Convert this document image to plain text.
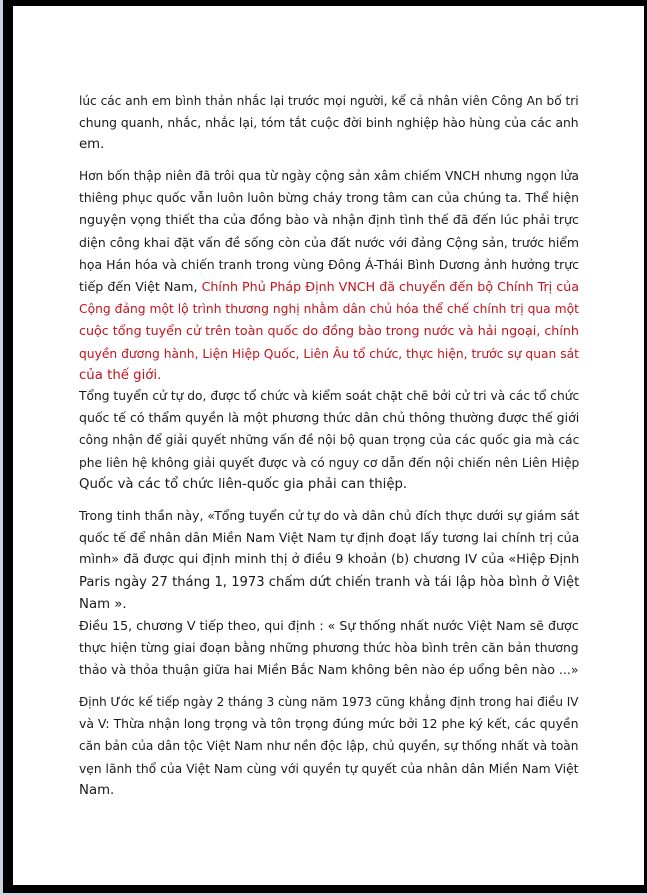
lúc các anh em bình thản nhắc lại trước mọi người, kể cả nhân viên Công An bố tri
chung quanh, nhắc, nhắc lại, tóm tắt cuộc đời binh nghiệp hào hùng của các anh
em.
Hơn bốn thập niên đã trôi qua từ ngày cộng sản xâm chiếm VNCH nhưng ngọn lửa
thiêng phục quốc vẫn luôn luôn bừng cháy trong tâm can của chúng ta. Thể hiện
nguyện vọng thiết tha của đồng bào và nhận định tình thế đã đến lúc phải trực
diện công khai đặt vấn đề sống còn của đất nước với đảng Cộng sản, trước hiểm
họa Hán hóa và chiến tranh trong vùng Đông Á-Thái Bình Dương ảnh hưởng trực
tiếp đến Việt Nam, Chính Phủ Pháp Định VNCH đã chuyển đến bộ Chính Trị của
Cộng đảng một lộ trình thương nghị nhằm dân chủ hóa thể chế chính trị qua một
cuộc tổng tuyển cử trên toàn quốc do đồng bào trong nước và hải ngoại, chính
quyền đương hành, Liện Hiệp Quốc, Liên Âu tổ chức, thực hiện, trước sự quan sát
của thế giới.
Tổng tuyển cử tự do, được tổ chức và kiểm soát chặt chẽ bởi cử tri và các tổ chức
quốc tế có thẩm quyền là một phương thức dân chủ thông thường được thế giới
công nhận để giải quyết những vấn đề nội bộ quan trọng của các quốc gia mà các
phe liên hệ không giải quyết được và có nguy cơ dẫn đến nội chiến nên Liên Hiệp
Quốc và các tổ chức liên-quốc gia phải can thiệp.
Trong tinh thần này, «Tổng tuyển cử tự do và dân chủ đích thực dưới sự giám sát
quốc tế để nhân dân Miền Nam Việt Nam tự định đoạt lấy tương lai chính trị của
mình» đã được qui định minh thị ở điều 9 khoản (b) chương IV của «Hiệp Định
Paris ngày 27 tháng 1, 1973 chấm dứt chiến tranh và tái lập hòa bình ở Việt
Nam ».
Điều 15, chương V tiếp theo, qui định : « Sự thống nhất nước Việt Nam sẽ được
thực hiện từng giai đoạn bằng những phương thức hòa bình trên căn bản thương
thảo và thỏa thuận giữa hai Miền Bắc Nam không bên nào ép uổng bên nào ...»
Định Ước kế tiếp ngày 2 tháng 3 cùng năm 1973 cũng khẳng định trong hai điều IV
và V: Thừa nhận long trọng và tôn trọng đúng mức bởi 12 phe ký kết, các quyền
căn bản của dân tộc Việt Nam như nền độc lập, chủ quyền, sự thống nhất và toàn
vẹn lãnh thổ của Việt Nam cùng với quyền tự quyết của nhân dân Miền Nam Việt
Nam.
